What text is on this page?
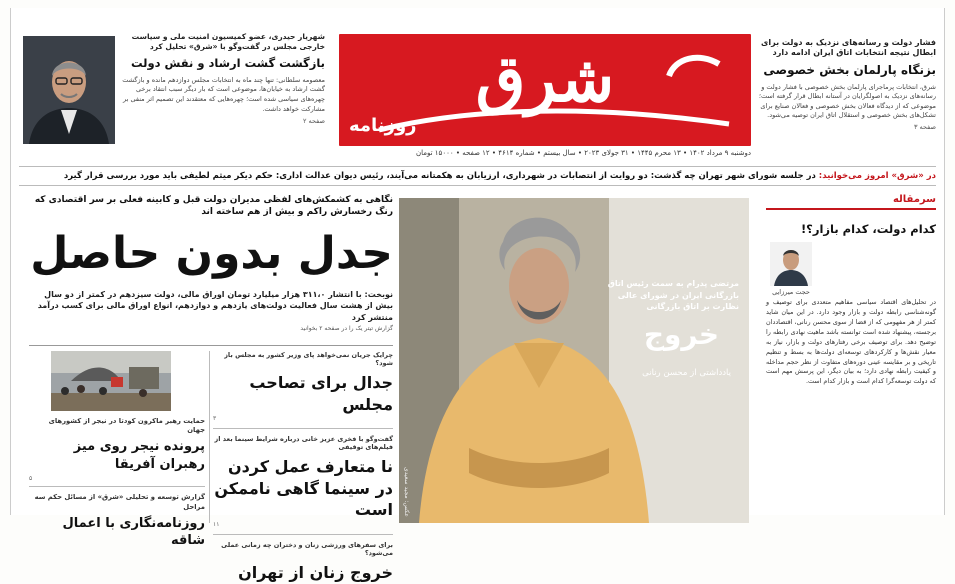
فشار دولت و رسانه‌های نزدیک به دولت برای ابطال نتیجه انتخابات اتاق ایران ادامه دارد
بزنگاه پارلمان بخش خصوصی
شرق، انتخابات پرماجرای پارلمان بخش خصوصی با فشار دولت و رسانه‌های نزدیک به اصولگرایان در آستانه ابطال قرار گرفته است؛ موضوعی که از دیدگاه فعالان بخش خصوصی و فعالان صنایع برای تشکل‌های بخش خصوصی و استقلال اتاق ایران توصیه می‌شود.
صفحه ۳
شرق
روزنامه
شهریار حیدری، عضو کمیسیون امنیت ملی و سیاست خارجی مجلس در گفت‌وگو با «شرق» تحلیل کرد
بازگشت گشت ارشاد و نقش دولت
معصومه سلطانی: تنها چند ماه به انتخابات مجلس دوازدهم مانده و بازگشت گشت ارشاد به خیابان‌ها، موضوعی است که بار دیگر سبب انتقاد برخی چهره‌های سیاسی شده است؛ چهره‌هایی که معتقدند این تصمیم اثر منفی بر مشارکت خواهد داشت.
صفحه ۲
دوشنبه ۹ مرداد ۱۴۰۲ • ۱۳ محرم ۱۴۴۵ • ۳۱ جولای ۲۰۲۳ • سال بیستم • شماره ۴۶۱۴ • ۱۲ صفحه • ۱۵۰۰۰ تومان
در «شرق» امروز می‌خوانید: در جلسه شورای شهر تهران چه گذشت: دو روایت از انتصابات در شهرداری، ارزیابان به هکمتانه می‌آیند، رئیس دیوان عدالت اداری: حکم دیکر میثم لطیفی باید مورد بررسی قرار گیرد
سرمقاله
کدام دولت، کدام بازار؟!
حجت میرزایی
در تحلیل‌های اقتصاد سیاسی مفاهیم متعددی برای توصیف و گونه‌شناسی رابطه دولت و بازار وجود دارد. در این میان شاید کمتر از هر مفهومی که از قضا از سوی محسن رنانی، اقتصاددان برجسته، پیشنهاد شده است توانسته باشد ماهیت نهادی رابطه را توضیح دهد. برای توصیف برخی رفتارهای دولت و بازار، نیاز به معیار نقش‌ها و کارکردهای توسعه‌ای دولت‌ها به بسط و تنظیم تاریخی و بر مقایسه عینی دوره‌های متفاوت از نظر حجم مداخله و کیفیت رابطه نهادی دارد؛ به بیان دیگر، این پرسش مهم است که دولت توسعه‌گرا کدام است و بازار کدام است.
مرتضی پدرام به سمت رئیس اتاق بازرگانی ایران در شورای عالی نظارت بر اتاق بازرگانی
خروج
یادداشتی از محسن رنانی
عکس: مجید سعیدی
نگاهی به کشمکش‌های لفظی مدیران دولت قبل و کابینه فعلی بر سر اقتصادی که رنگ رخسارش راکم و بیش از هم ساخته اند
جدل بدون حاصل
نوبخت: با انتشار ۳۱۱،۰ هزار میلیارد تومان اوراق مالی، دولت سیزدهم در کمتر از دو سال بیش از هشت سال فعالیت دولت‌های یازدهم و دوازدهم، انواع اوراق مالی برای کسب درآمد منتشر کرد
گزارش تیتر یک را در صفحه ۲ بخوانید
چرایک جریان نمی‌خواهد پای وزیر کشور به مجلس باز شود؟
جدال برای تصاحب مجلس
۳
گفت‌وگو با فخری عزیز خانی درباره شرایط سینما بعد از فیلم‌های توقیفی
نا متعارف عمل کردن در سینما گاهی ناممکن است
۱۱
برای سفرهای ورزشی زنان و دختران چه زمانی عملی می‌شود؟
خروج زنان از تهران
حمایت رهبر ماکرون کودتا در نیجر از کشورهای جهان
پرونده نیجر روی میز رهبران آفریقا
۵
گزارش توسعه و تحلیلی «شرق» از مسائل حکم سه مراحل
روزنامه‌نگاری با اعمال شاقه
